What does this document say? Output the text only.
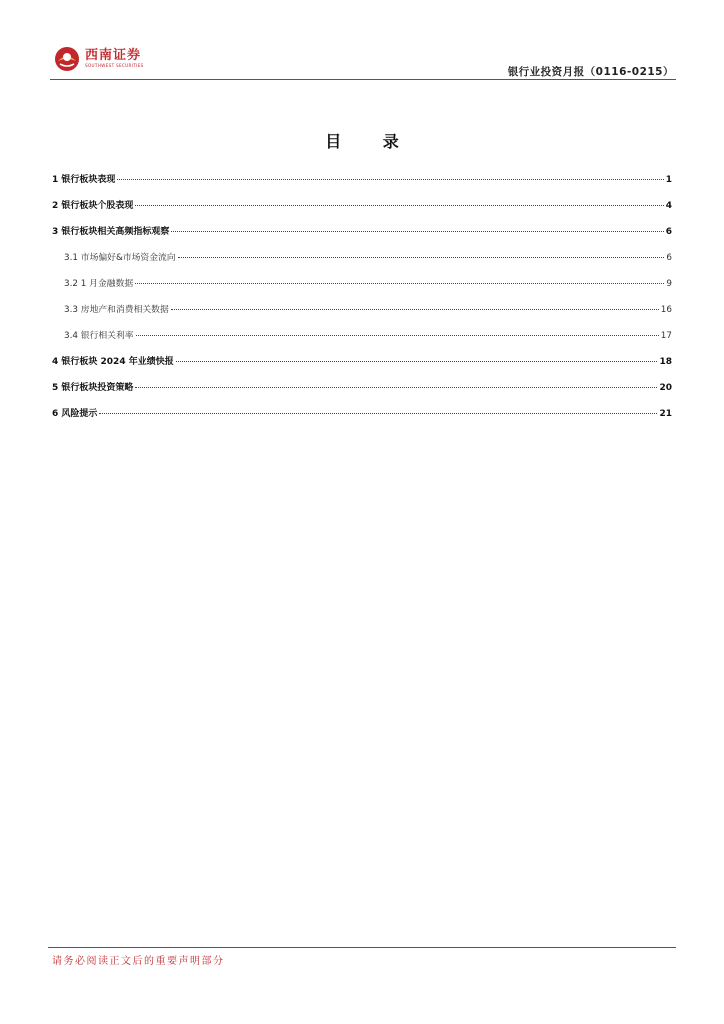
西南证券
SOUTHWEST SECURITIES
银行业投资月报（0116-0215）
目 录
1 银行板块表现	1
2 银行板块个股表现	4
3 银行板块相关高频指标观察	6
3.1 市场偏好&市场资金流向	6
3.2 1 月金融数据	9
3.3 房地产和消费相关数据	16
3.4 银行相关利率	17
4 银行板块 2024 年业绩快报	18
5 银行板块投资策略	20
6 风险提示	21
请务必阅读正文后的重要声明部分
